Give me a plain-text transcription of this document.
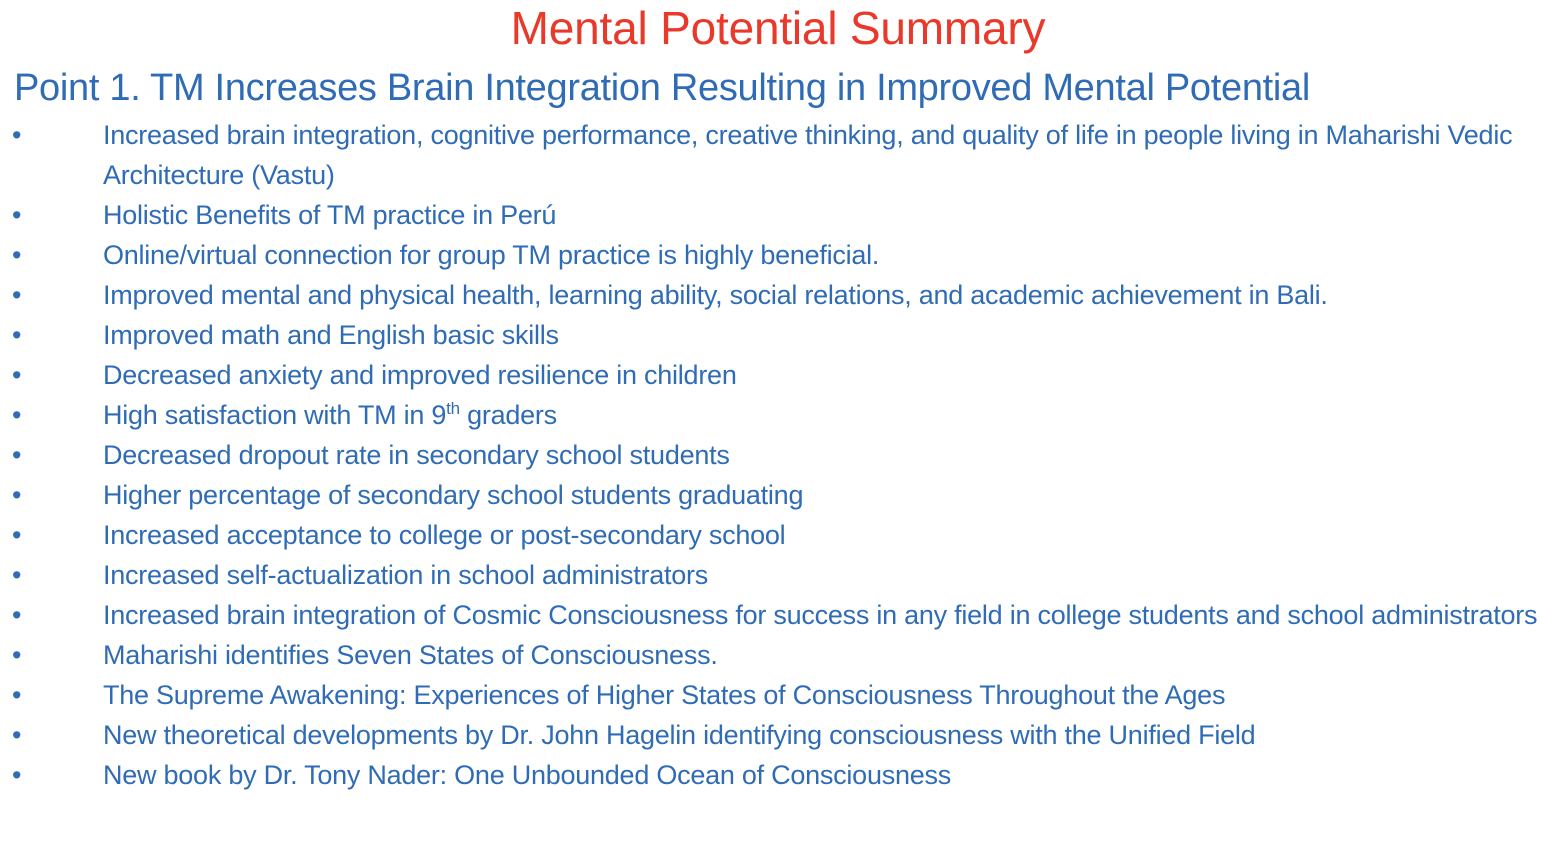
Mental Potential Summary
Point 1. TM Increases Brain Integration Resulting in Improved Mental Potential
•	Increased brain integration, cognitive performance, creative thinking, and quality of life in people living in Maharishi Vedic Architecture (Vastu)
•	Holistic Benefits of TM practice in Perú
•	Online/virtual connection for group TM practice is highly beneficial.
•	Improved mental and physical health, learning ability, social relations, and academic achievement in Bali.
•	Improved math and English basic skills
•	Decreased anxiety and improved resilience in children
•	High satisfaction with TM in 9th graders
•	Decreased dropout rate in secondary school students
•	Higher percentage of secondary school students graduating
•	Increased acceptance to college or post-secondary school
•	Increased self-actualization in school administrators
•	Increased brain integration of Cosmic Consciousness for success in any field in college students and school administrators
•	Maharishi identifies Seven States of Consciousness.
•	The Supreme Awakening: Experiences of Higher States of Consciousness Throughout the Ages
•	New theoretical developments by Dr. John Hagelin identifying consciousness with the Unified Field
•	New book by Dr. Tony Nader: One Unbounded Ocean of Consciousness
